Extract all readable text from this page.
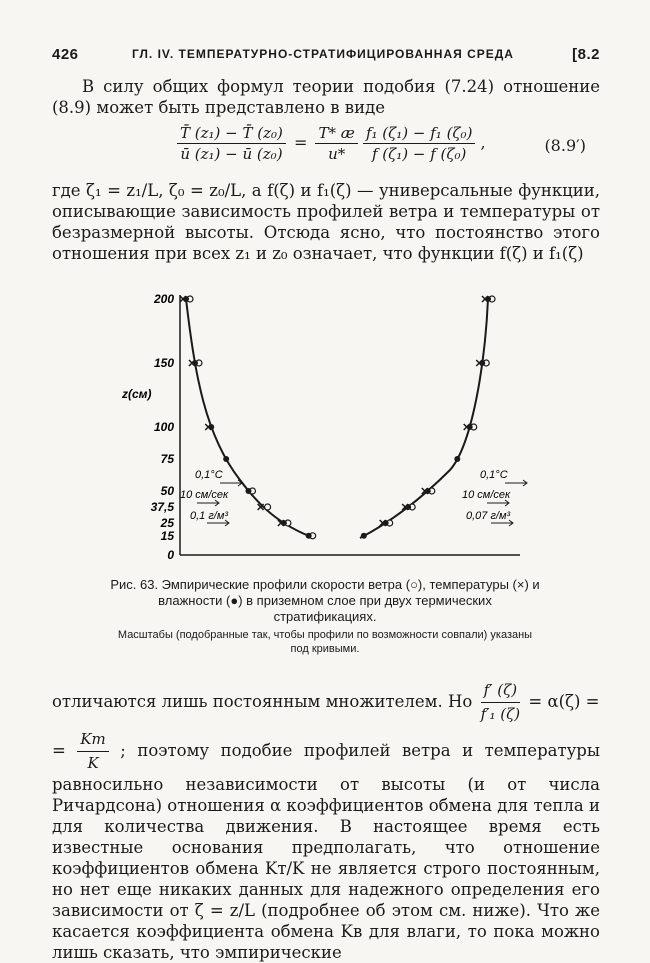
426	ГЛ. IV. ТЕМПЕРАТУРНО-СТРАТИФИЦИРОВАННАЯ СРЕДА	[8.2

В силу общих формул теории подобия (7.24) отношение (8.9) может быть представлено в виде

$\frac{\text{T̄ (z₁) − T̄ (z₀)}}{\text{ū (z₁) − ū (z₀)}} = \frac{T* æ}{u*}$
$\frac{\text{f₁ (ζ₁) − f₁ (ζ₀)}}{\text{f (ζ₁) − f (ζ₀)}}$ ,	(8.9′)

где ζ₁ = z₁/L, ζ₀ = z₀/L, а f(ζ) и f₁(ζ) — универсальные функции, описывающие зависимость профилей ветра и температуры от безразмерной высоты. Отсюда ясно, что постоянство этого отношения при всех z₁ и z₀ означает, что функции f(ζ) и f₁(ζ)

z(см)
0
15
25
37,5
50
75
100
150
200
0,1°C
10 см/сек
0,1 г/м³
0,1°C
10 см/сек
0,07 г/м³
Рис. 63. Эмпирические профили скорости ветра (○), температуры (×) и влажности (●) в приземном слое при двух термических стратификациях.
Масштабы (подобранные так, чтобы профили по возможности совпали) указаны под кривыми.
отличаются лишь постоянным множителем. Но $\frac{f' (\zeta)}{\text{f′₁ (ζ)}} = \alpha(\zeta)$ =
= $\frac{Kт}{K}$ ; поэтому подобие профилей ветра и температуры равносильно независимости от высоты (и от числа Ричардсона) отношения α коэффициентов обмена для тепла и для количества движения. В настоящее время есть известные основания предполагать, что отношение коэффициентов обмена Kт/K не является строго постоянным, но нет еще никаких данных для надежного определения его зависимости от ζ = z/L (подробнее об этом см. ниже). Что же касается коэффициента обмена Kв для влаги, то пока можно лишь сказать, что эмпирические
